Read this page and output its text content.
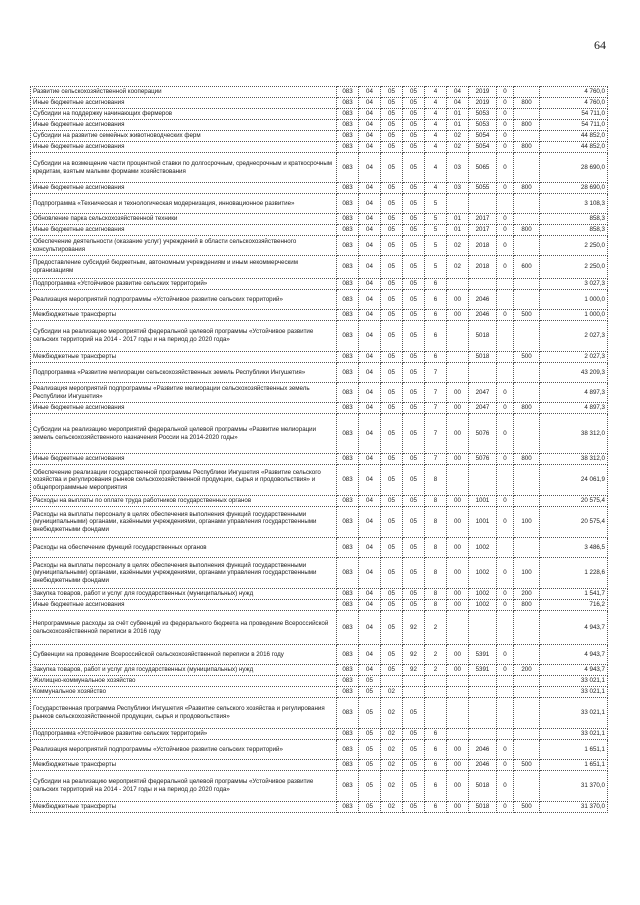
64
Развитие сельскохозяйственной кооперации	083	04	05	05	4	04	2019	0		4 760,0
Иные бюджетные ассигнования	083	04	05	05	4	04	2019	0	800	4 760,0
Субсидии на поддержку начинающих фермеров	083	04	05	05	4	01	5053	0		54 711,0
Иные бюджетные ассигнования	083	04	05	05	4	01	5053	0	800	54 711,0
Субсидии на развитие семейных животноводческих ферм	083	04	05	05	4	02	5054	0		44 852,0
Иные бюджетные ассигнования	083	04	05	05	4	02	5054	0	800	44 852,0
Субсидии на возмещение части процентной ставки по долгосрочным, среднесрочным и краткосрочным кредитам, взятым малыми формами хозяйствования	083	04	05	05	4	03	5065	0		28 690,0
Иные бюджетные ассигнования	083	04	05	05	4	03	5055	0	800	28 690,0
Подпрограмма «Техническая и технологическая модернизация, инновационное развитие»	083	04	05	05	5					3 108,3
Обновление парка сельскохозяйственной техники	083	04	05	05	5	01	2017	0		858,3
Иные бюджетные ассигнования	083	04	05	05	5	01	2017	0	800	858,3
Обеспечение деятельности (оказание услуг) учреждений в области сельскохозяйственного консультирования	083	04	05	05	5	02	2018	0		2 250,0
Предоставление субсидий бюджетным, автономным учреждениям и иным некоммерческим организациям	083	04	05	05	5	02	2018	0	600	2 250,0
Подпрограмма «Устойчивое развитие сельских территорий»	083	04	05	05	6					3 027,3
Реализация мероприятий подпрограммы «Устойчивое развитие сельских территорий»	083	04	05	05	6	00	2046			1 000,0
Межбюджетные трансферты	083	04	05	05	6	00	2046	0	500	1 000,0
Субсидии на реализацию мероприятий федеральной целевой программы «Устойчивое развитие сельских территорий на 2014 - 2017 годы и на период до 2020 года»	083	04	05	05	6		5018			2 027,3
Межбюджетные трансферты	083	04	05	05	6		5018		500	2 027,3
Подпрограмма «Развитие мелиорации сельскохозяйственных земель Республики Ингушетия»	083	04	05	05	7					43 209,3
Реализация мероприятий подпрограммы «Развитие мелиорации сельскохозяйственных земель Республики Ингушетия»	083	04	05	05	7	00	2047	0		4 897,3
Иные бюджетные ассигнования	083	04	05	05	7	00	2047	0	800	4 897,3
Субсидии на реализацию мероприятий федеральной целевой программы «Развитие мелиорации земель сельскохозяйственного назначения России на 2014-2020 годы»	083	04	05	05	7	00	5076	0		38 312,0
Иные бюджетные ассигнования	083	04	05	05	7	00	5076	0	800	38 312,0
Обеспечение реализации государственной программы Республики Ингушетия «Развитие сельского хозяйства и регулирования рынков сельскохозяйственной продукции, сырья и продовольствия» и общепрограммные мероприятия	083	04	05	05	8					24 061,9
Расходы на выплаты по оплате труда работников государственных органов	083	04	05	05	8	00	1001	0		20 575,4
Расходы на выплаты персоналу в целях обеспечения выполнения функций государственными (муниципальными) органами, казёнными учреждениями, органами управления государственными внебюджетными фондами	083	04	05	05	8	00	1001	0	100	20 575,4
Расходы на обеспечение функций государственных органов	083	04	05	05	8	00	1002			3 486,5
Расходы на выплаты персоналу в целях обеспечения выполнения функций государственными (муниципальными) органами, казёнными учреждениями, органами управления государственными внебюджетными фондами	083	04	05	05	8	00	1002	0	100	1 228,6
Закупка товаров, работ и услуг для государственных (муниципальных) нужд	083	04	05	05	8	00	1002	0	200	1 541,7
Иные бюджетные ассигнования	083	04	05	05	8	00	1002	0	800	716,2
Непрограммные расходы за счёт субвенций из федерального бюджета на проведение Всероссийской сельскохозяйственной переписи в 2016 году	083	04	05	92	2					4 943,7
Субвенции на проведение Всероссийской сельскохозяйственной переписи в 2016 году	083	04	05	92	2	00	5391	0		4 943,7
Закупка товаров, работ и услуг для государственных (муниципальных) нужд	083	04	05	92	2	00	5391	0	200	4 943,7
Жилищно-коммунальное хозяйство	083	05								33 021,1
Коммунальное хозяйство	083	05	02							33 021,1
Государственная программа Республики Ингушетия «Развитие сельского хозяйства и регулирования рынков сельскохозяйственной продукции, сырья и продовольствия»	083	05	02	05						33 021,1
Подпрограмма «Устойчивое развитие сельских территорий»	083	05	02	05	6					33 021,1
Реализация мероприятий подпрограммы «Устойчивое развитие сельских территорий»	083	05	02	05	6	00	2046	0		1 651,1
Межбюджетные трансферты	083	05	02	05	6	00	2046	0	500	1 651,1
Субсидии на реализацию мероприятий федеральной целевой программы «Устойчивое развитие сельских территорий на 2014 - 2017 годы и на период до 2020 года»	083	05	02	05	6	00	5018	0		31 370,0
Межбюджетные трансферты	083	05	02	05	6	00	5018	0	500	31 370,0
